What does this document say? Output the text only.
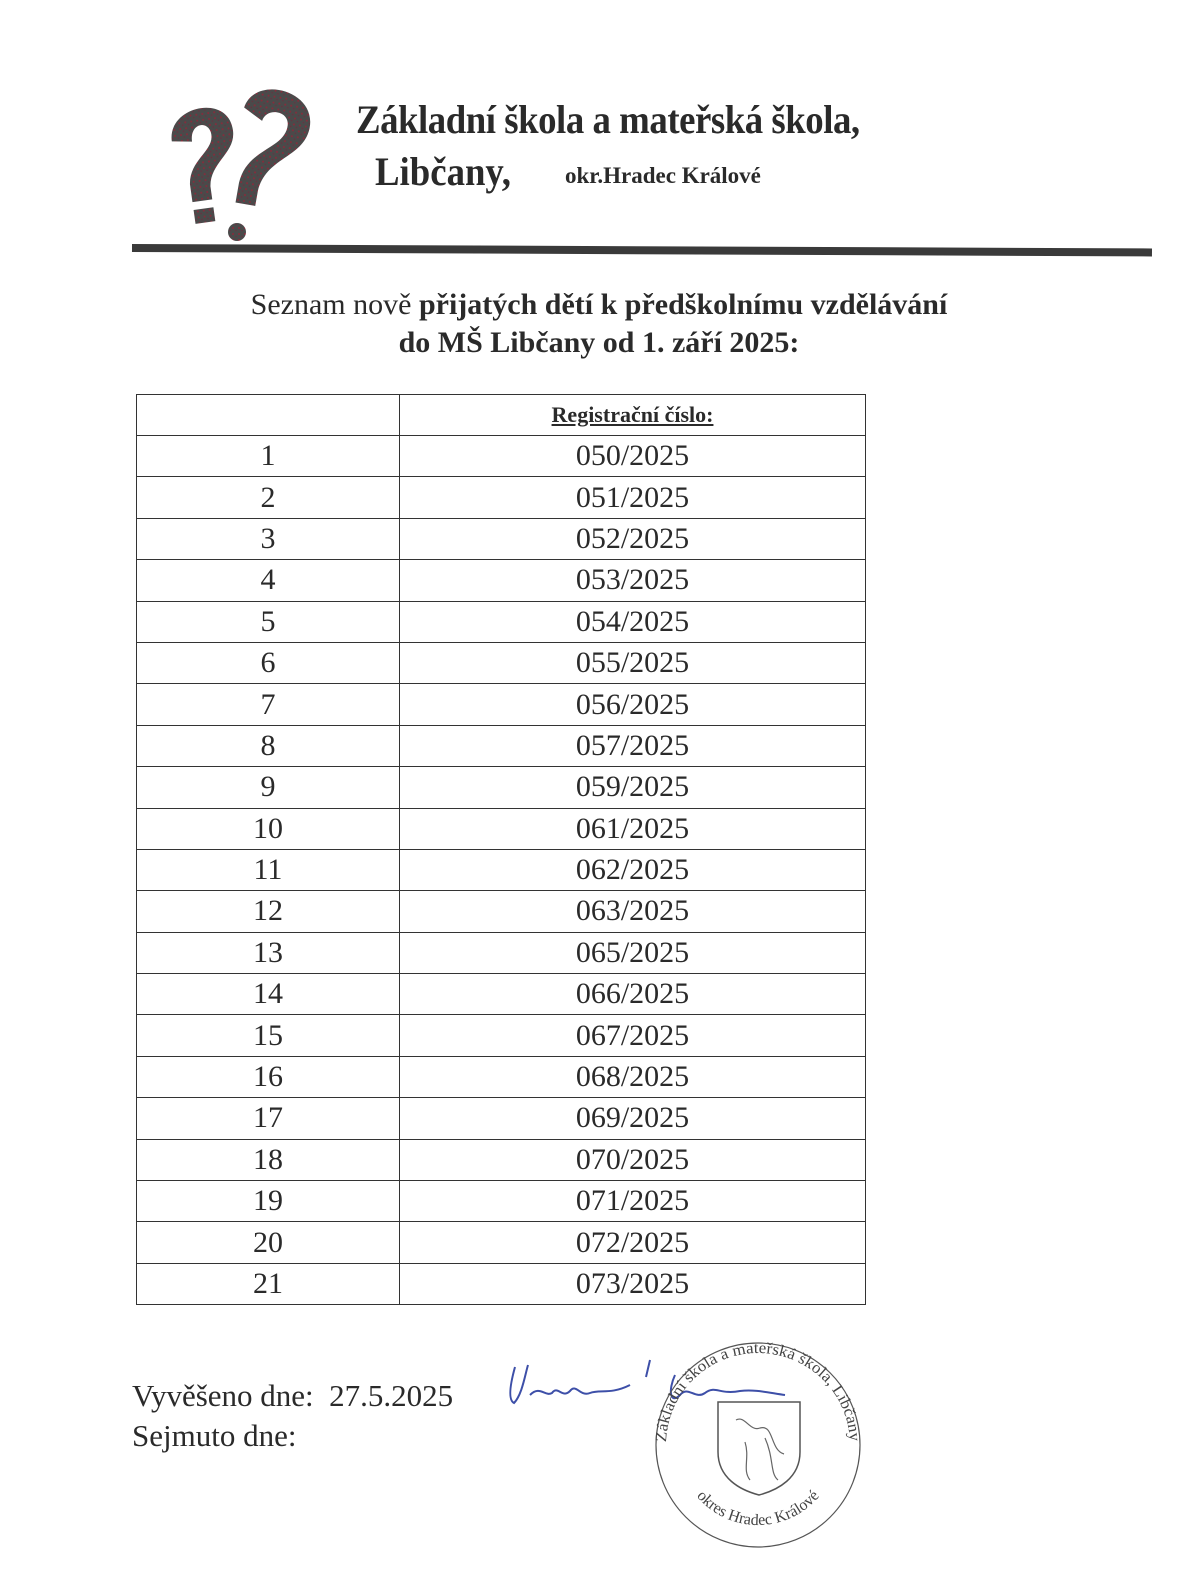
Základní škola a mateřská škola,
Libčany, okr.Hradec Králové
Seznam nově přijatých dětí k předškolnímu vzdělávání
do MŠ Libčany od 1. září 2025:
	Registrační číslo:
1	050/2025
2	051/2025
3	052/2025
4	053/2025
5	054/2025
6	055/2025
7	056/2025
8	057/2025
9	059/2025
10	061/2025
11	062/2025
12	063/2025
13	065/2025
14	066/2025
15	067/2025
16	068/2025
17	069/2025
18	070/2025
19	071/2025
20	072/2025
21	073/2025
Vyvěšeno dne: 27.5.2025
Sejmuto dne:	Základní škola a mateřská škola, Libčany
okres Hradec Králové
